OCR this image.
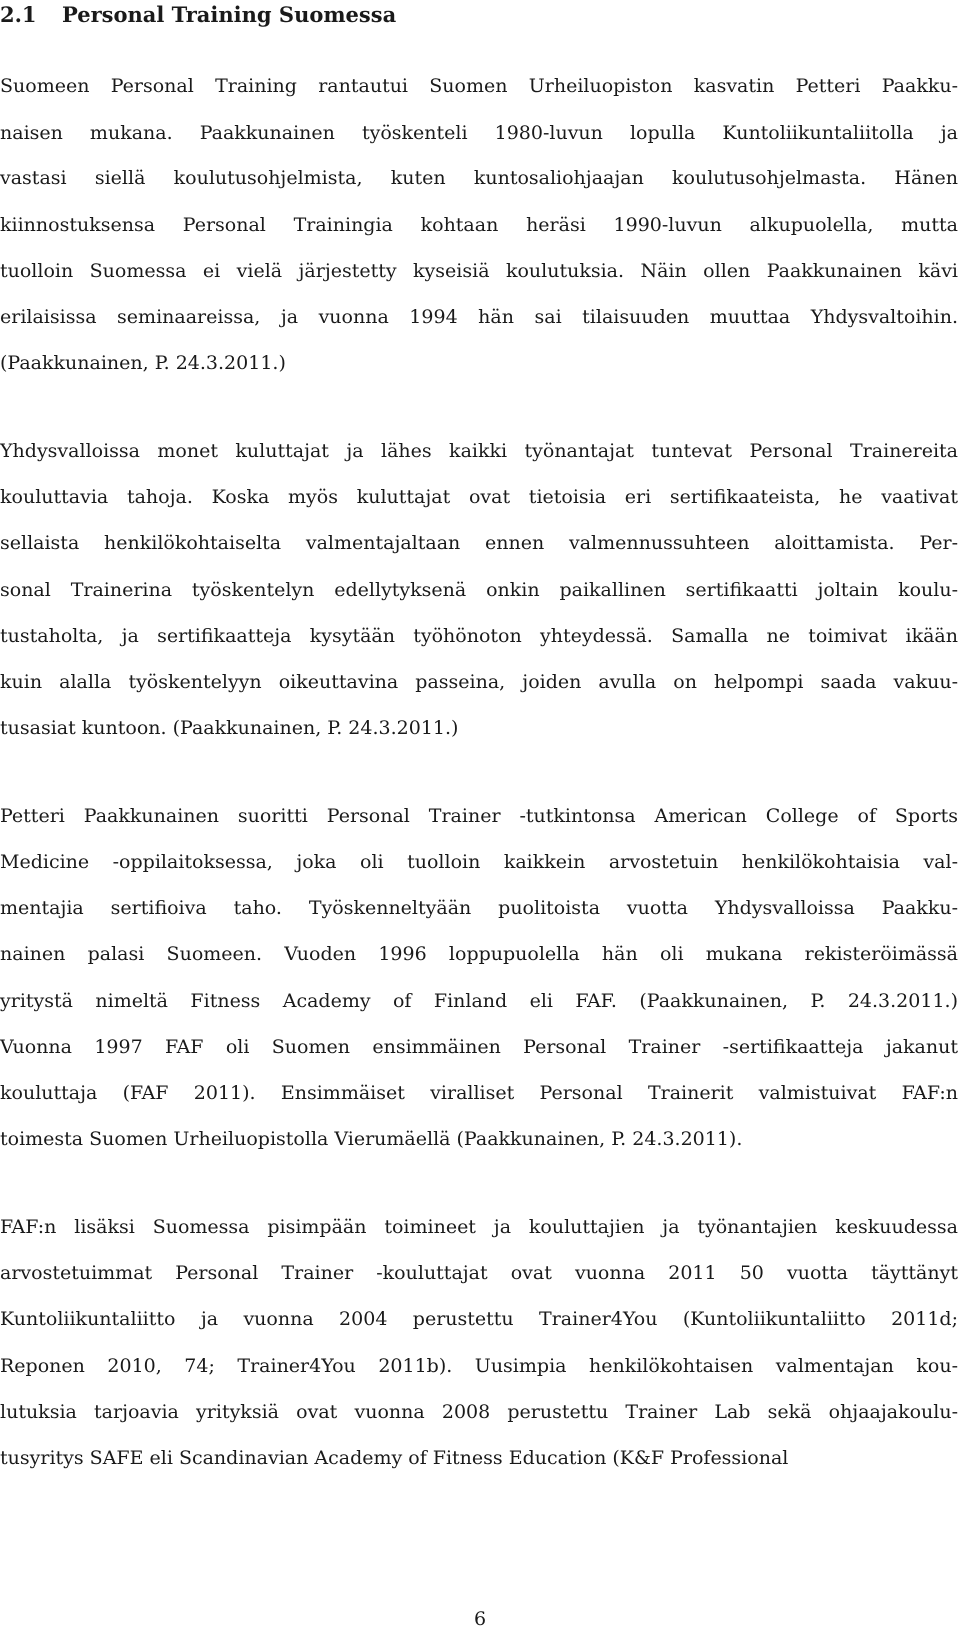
2.1 Personal Training Suomessa
Suomeen Personal Training rantautui Suomen Urheiluopiston kasvatin Petteri Paakku-
naisen mukana. Paakkunainen työskenteli 1980-luvun lopulla Kuntoliikuntaliitolla ja
vastasi siellä koulutusohjelmista, kuten kuntosaliohjaajan koulutusohjelmasta. Hänen
kiinnostuksensa Personal Trainingia kohtaan heräsi 1990-luvun alkupuolella, mutta
tuolloin Suomessa ei vielä järjestetty kyseisiä koulutuksia. Näin ollen Paakkunainen kävi
erilaisissa seminaareissa, ja vuonna 1994 hän sai tilaisuuden muuttaa Yhdysvaltoihin.
(Paakkunainen, P. 24.3.2011.)
Yhdysvalloissa monet kuluttajat ja lähes kaikki työnantajat tuntevat Personal Trainereita
kouluttavia tahoja. Koska myös kuluttajat ovat tietoisia eri sertifikaateista, he vaativat
sellaista henkilökohtaiselta valmentajaltaan ennen valmennussuhteen aloittamista. Per-
sonal Trainerina työskentelyn edellytyksenä onkin paikallinen sertifikaatti joltain koulu-
tustaholta, ja sertifikaatteja kysytään työhönoton yhteydessä. Samalla ne toimivat ikään
kuin alalla työskentelyyn oikeuttavina passeina, joiden avulla on helpompi saada vakuu-
tusasiat kuntoon. (Paakkunainen, P. 24.3.2011.)
Petteri Paakkunainen suoritti Personal Trainer -tutkintonsa American College of Sports
Medicine -oppilaitoksessa, joka oli tuolloin kaikkein arvostetuin henkilökohtaisia val-
mentajia sertifioiva taho. Työskenneltyään puolitoista vuotta Yhdysvalloissa Paakku-
nainen palasi Suomeen. Vuoden 1996 loppupuolella hän oli mukana rekisteröimässä
yritystä nimeltä Fitness Academy of Finland eli FAF. (Paakkunainen, P. 24.3.2011.)
Vuonna 1997 FAF oli Suomen ensimmäinen Personal Trainer -sertifikaatteja jakanut
kouluttaja (FAF 2011). Ensimmäiset viralliset Personal Trainerit valmistuivat FAF:n
toimesta Suomen Urheiluopistolla Vierumäellä (Paakkunainen, P. 24.3.2011).
FAF:n lisäksi Suomessa pisimpään toimineet ja kouluttajien ja työnantajien keskuudessa
arvostetuimmat Personal Trainer -kouluttajat ovat vuonna 2011 50 vuotta täyttänyt
Kuntoliikuntaliitto ja vuonna 2004 perustettu Trainer4You (Kuntoliikuntaliitto 2011d;
Reponen 2010, 74; Trainer4You 2011b). Uusimpia henkilökohtaisen valmentajan kou-
lutuksia tarjoavia yrityksiä ovat vuonna 2008 perustettu Trainer Lab sekä ohjaajakoulu-
tusyritys SAFE eli Scandinavian Academy of Fitness Education (K&F Professional
6
